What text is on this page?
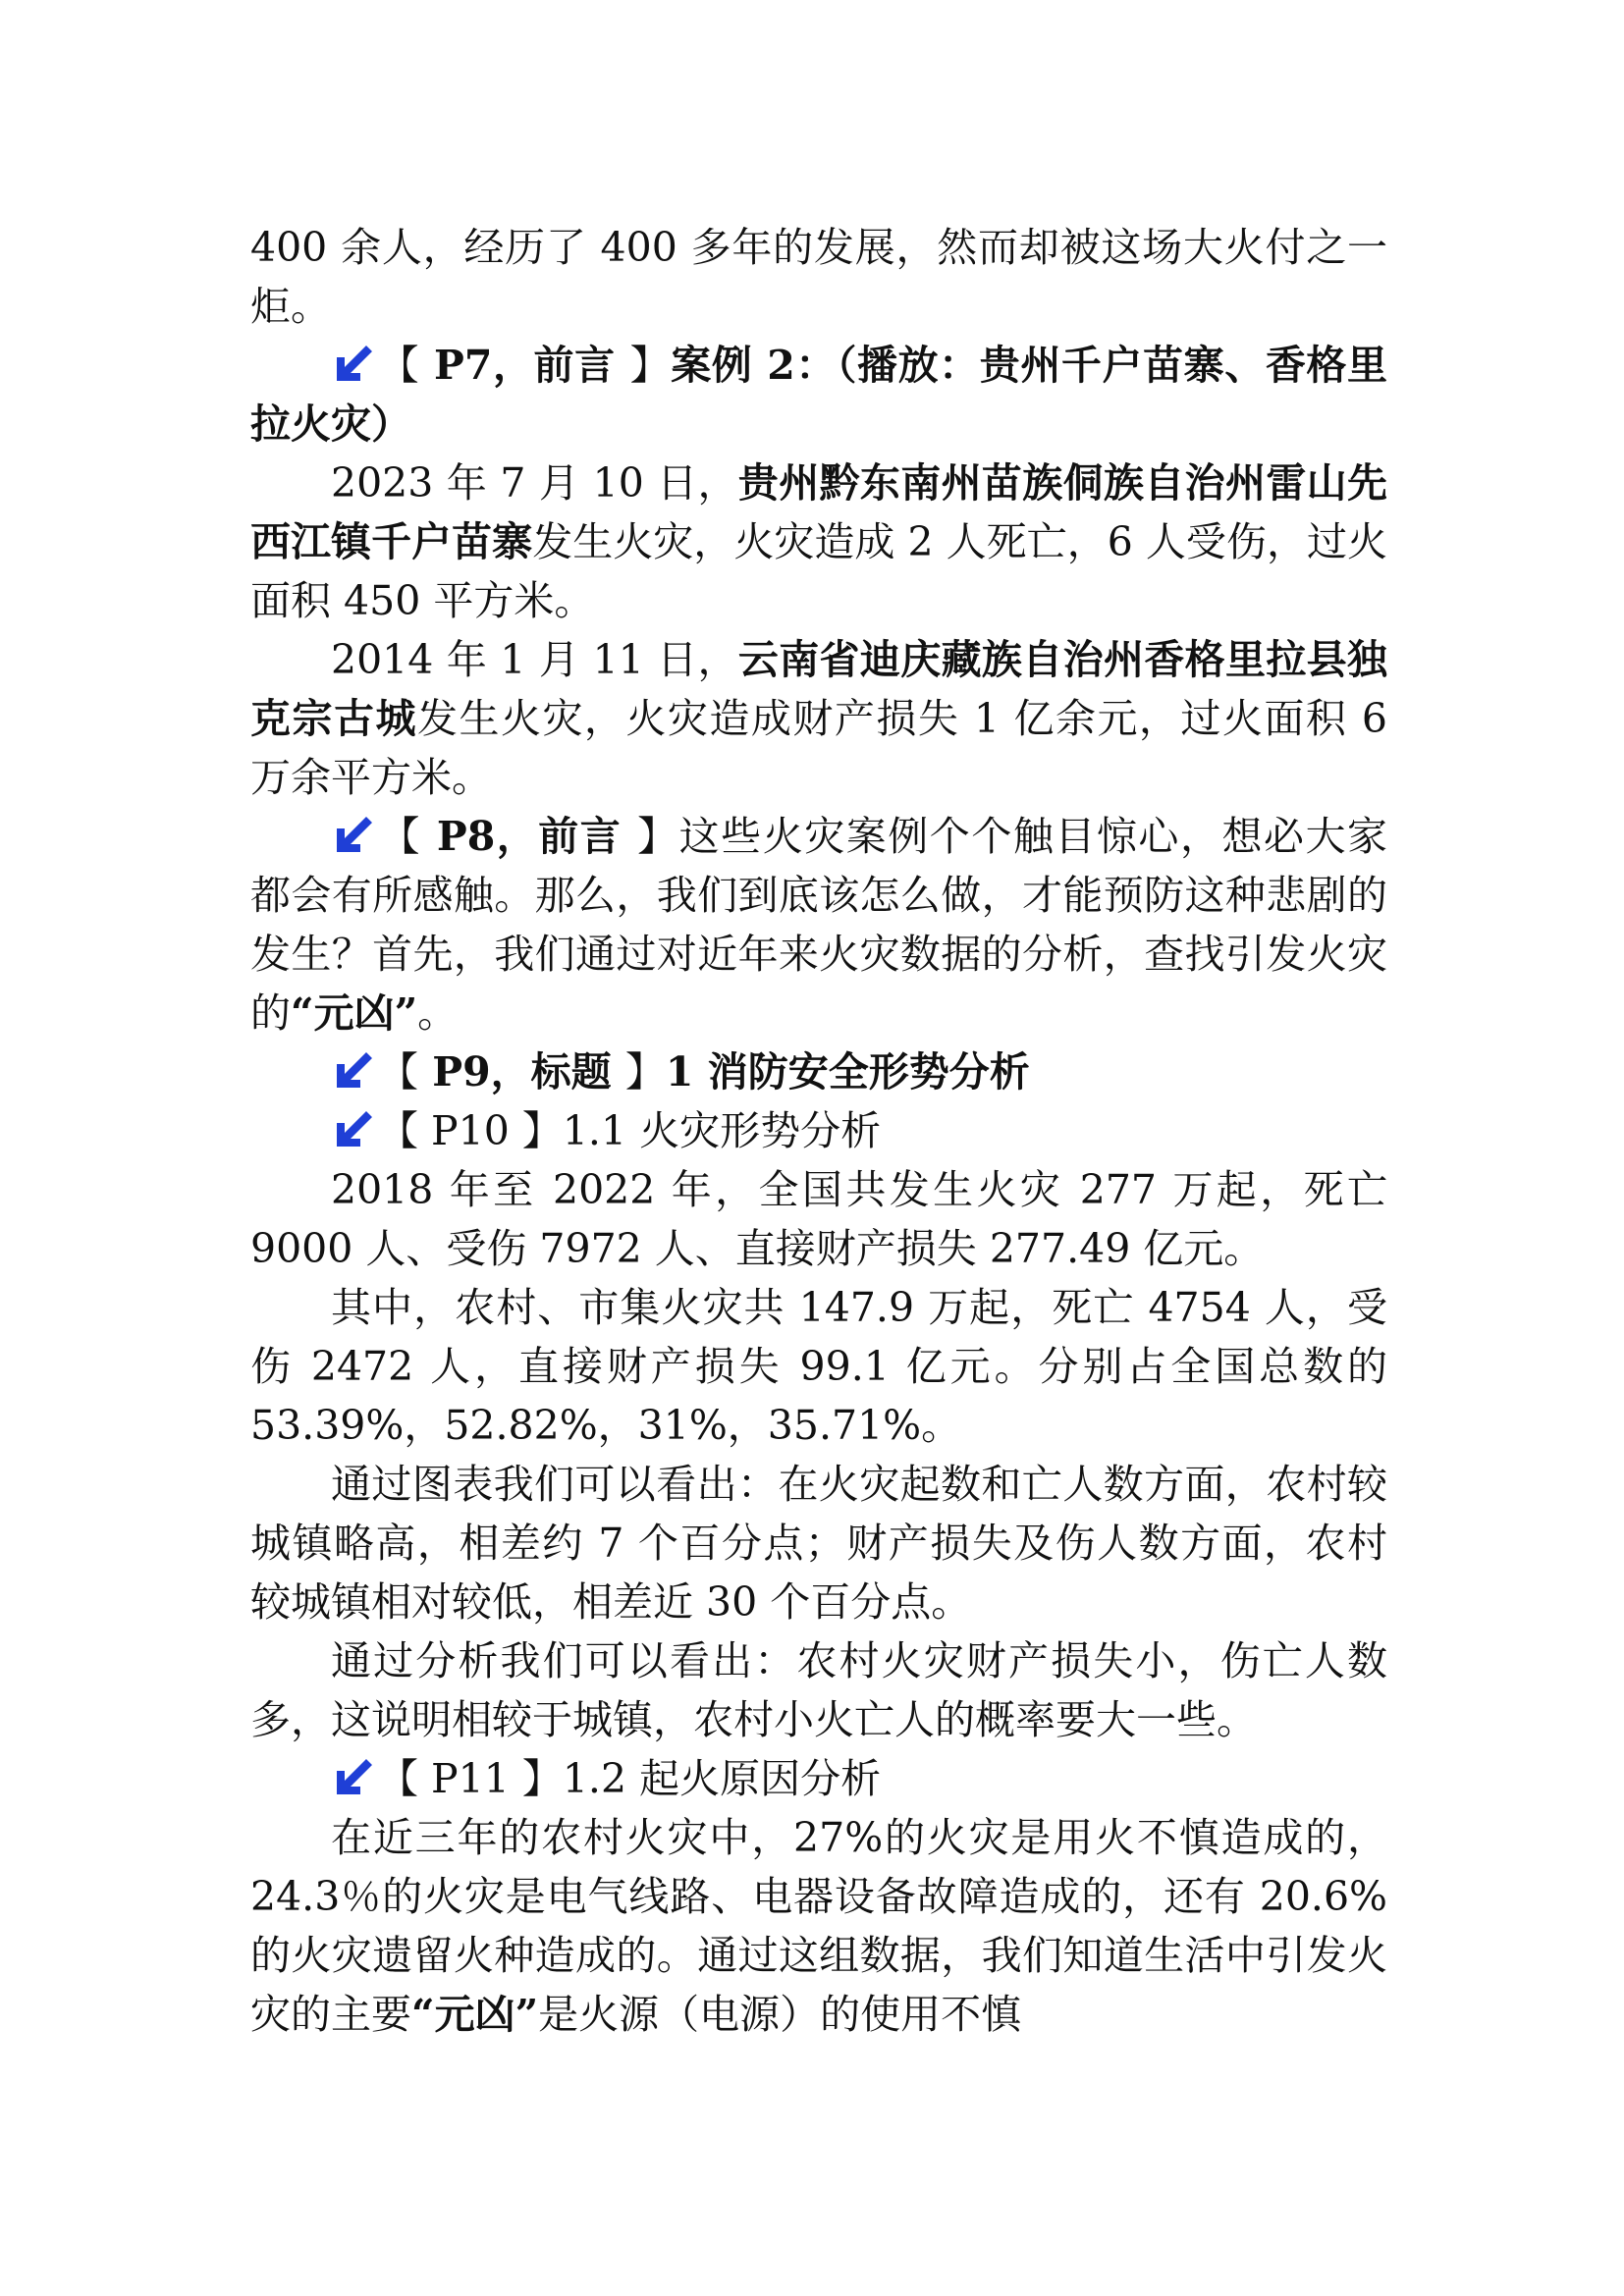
400 余人，经历了 400 多年的发展，然而却被这场大火付之一炬。

【 P7，前言 】案例 2：（播放：贵州千户苗寨、香格里拉火灾）

2023 年 7 月 10 日，贵州黔东南州苗族侗族自治州雷山先西江镇千户苗寨发生火灾，火灾造成 2 人死亡，6 人受伤，过火面积 450 平方米。

2014 年 1 月 11 日，云南省迪庆藏族自治州香格里拉县独克宗古城发生火灾，火灾造成财产损失 1 亿余元，过火面积 6 万余平方米。

【 P8，前言 】这些火灾案例个个触目惊心，想必大家都会有所感触。那么，我们到底该怎么做，才能预防这种悲剧的发生？首先，我们通过对近年来火灾数据的分析，查找引发火灾的“元凶”。

【 P9，标题 】1 消防安全形势分析

【 P10 】1.1 火灾形势分析

2018 年至 2022 年，全国共发生火灾 277 万起，死亡 9000 人、受伤 7972 人、直接财产损失 277.49 亿元。

其中，农村、市集火灾共 147.9 万起，死亡 4754 人，受伤 2472 人，直接财产损失 99.1 亿元。分别占全国总数的 53.39%，52.82%，31%，35.71%。

通过图表我们可以看出：在火灾起数和亡人数方面，农村较城镇略高，相差约 7 个百分点；财产损失及伤人数方面，农村较城镇相对较低，相差近 30 个百分点。

通过分析我们可以看出：农村火灾财产损失小，伤亡人数多，这说明相较于城镇，农村小火亡人的概率要大一些。

【 P11 】1.2 起火原因分析

在近三年的农村火灾中，27%的火灾是用火不慎造成的，24.3％的火灾是电气线路、电器设备故障造成的，还有 20.6%的火灾遗留火种造成的。通过这组数据，我们知道生活中引发火灾的主要“元凶”是火源（电源）的使用不慎
